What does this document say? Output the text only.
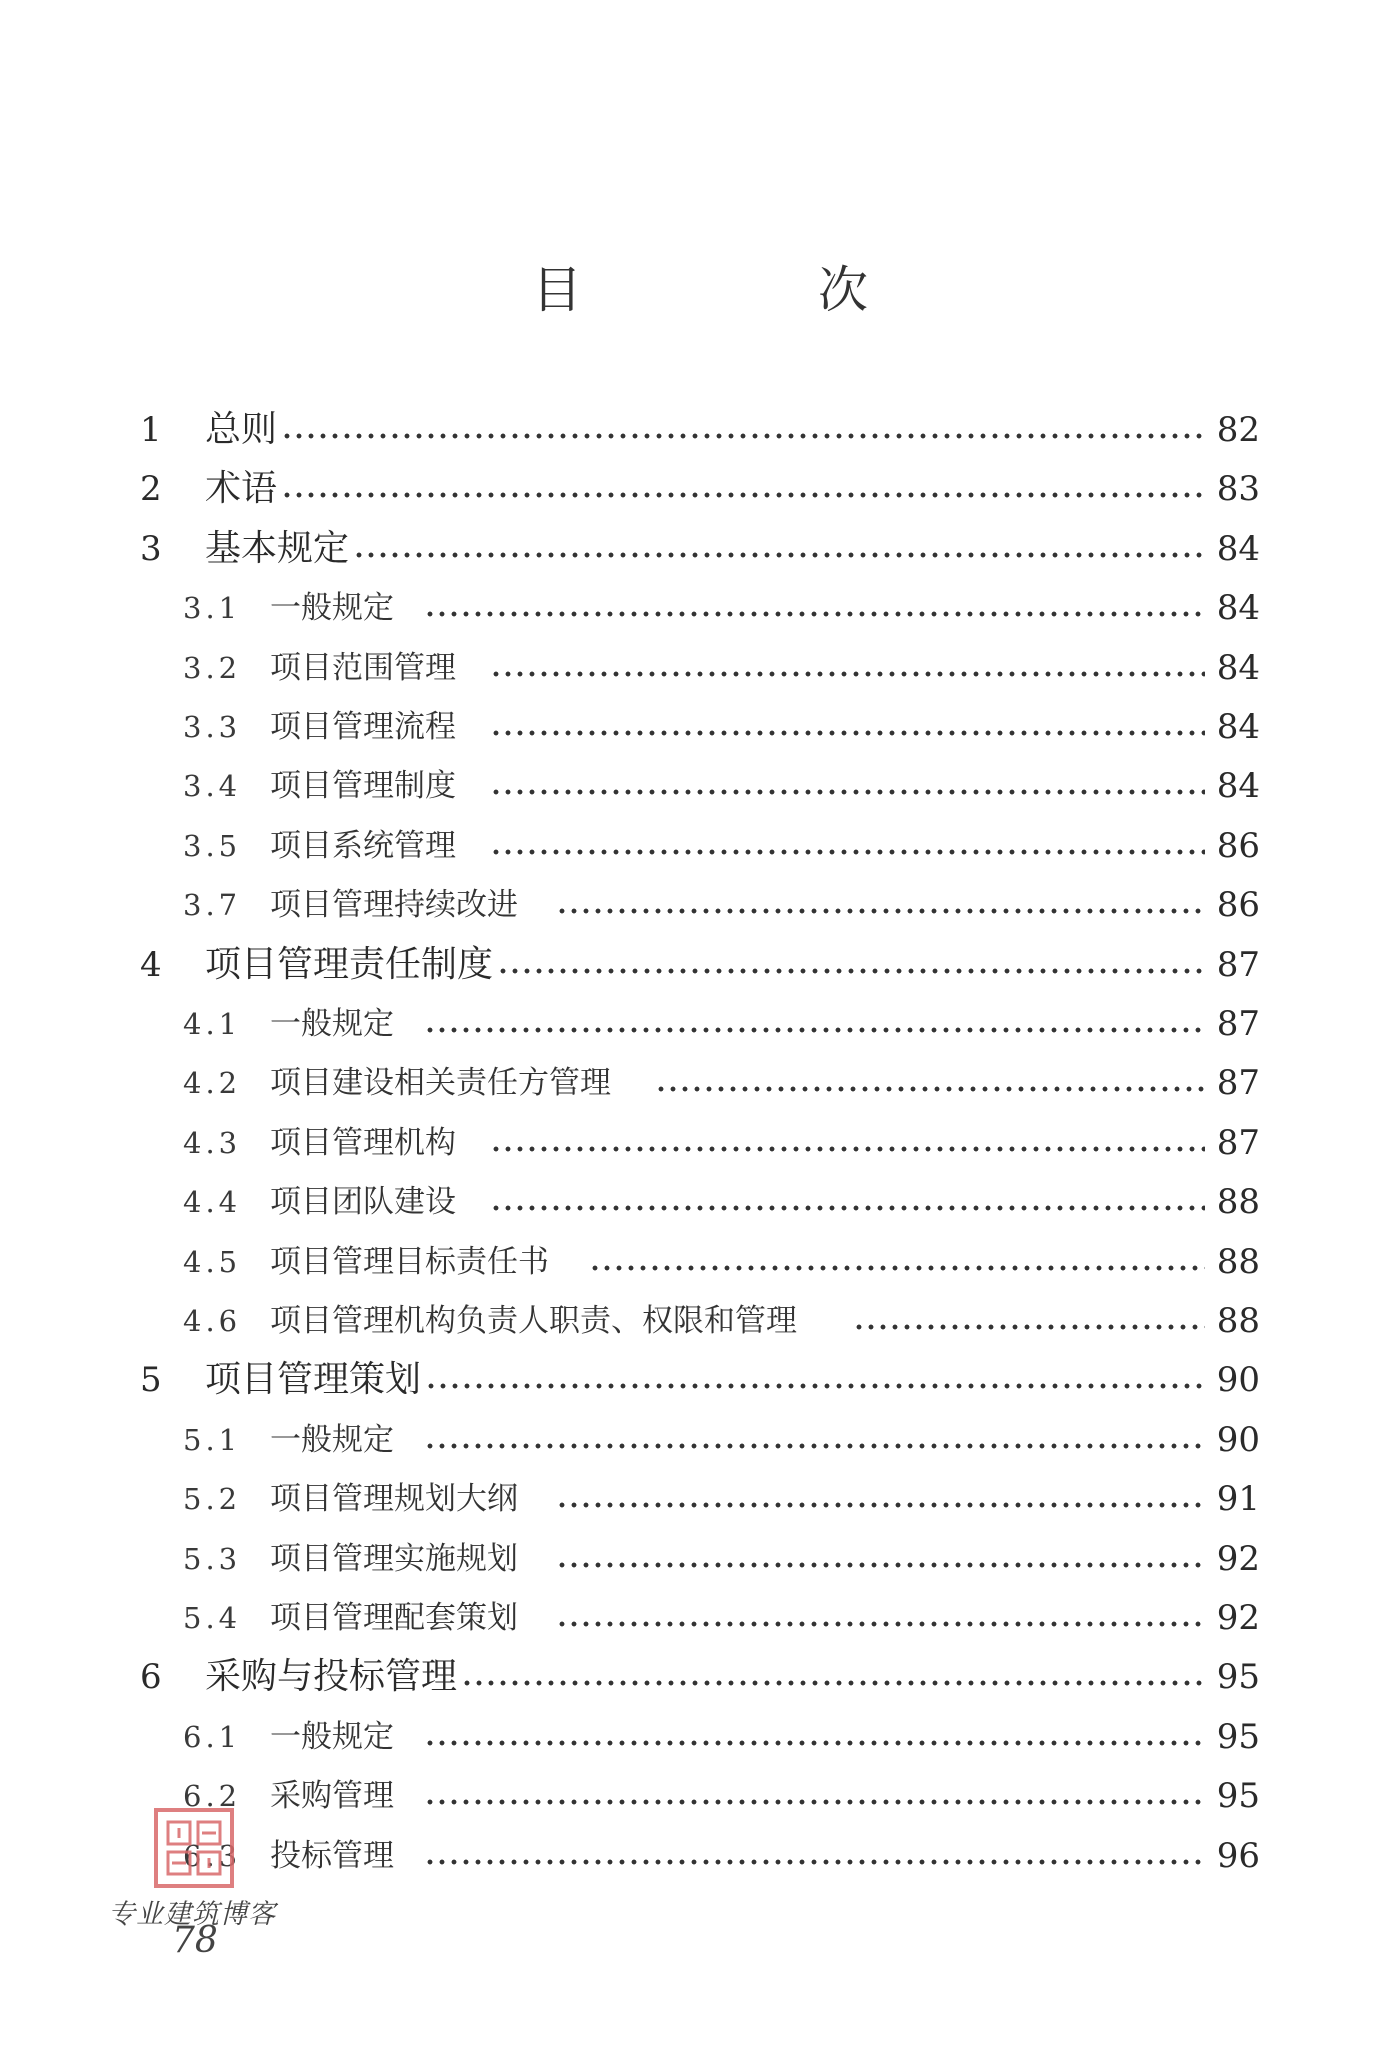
目 次
1 总则	82
2 术语	83
3 基本规定	84
3.1 一般规定	84
3.2 项目范围管理	84
3.3 项目管理流程	84
3.4 项目管理制度	84
3.5 项目系统管理	86
3.7 项目管理持续改进	86
4 项目管理责任制度	87
4.1 一般规定	87
4.2 项目建设相关责任方管理	87
4.3 项目管理机构	87
4.4 项目团队建设	88
4.5 项目管理目标责任书	88
4.6 项目管理机构负责人职责、权限和管理	88
5 项目管理策划	90
5.1 一般规定	90
5.2 项目管理规划大纲	91
5.3 项目管理实施规划	92
5.4 项目管理配套策划	92
6 采购与投标管理	95
6.1 一般规定	95
6.2 采购管理	95
6.3 投标管理	96
专业建筑博客
78
